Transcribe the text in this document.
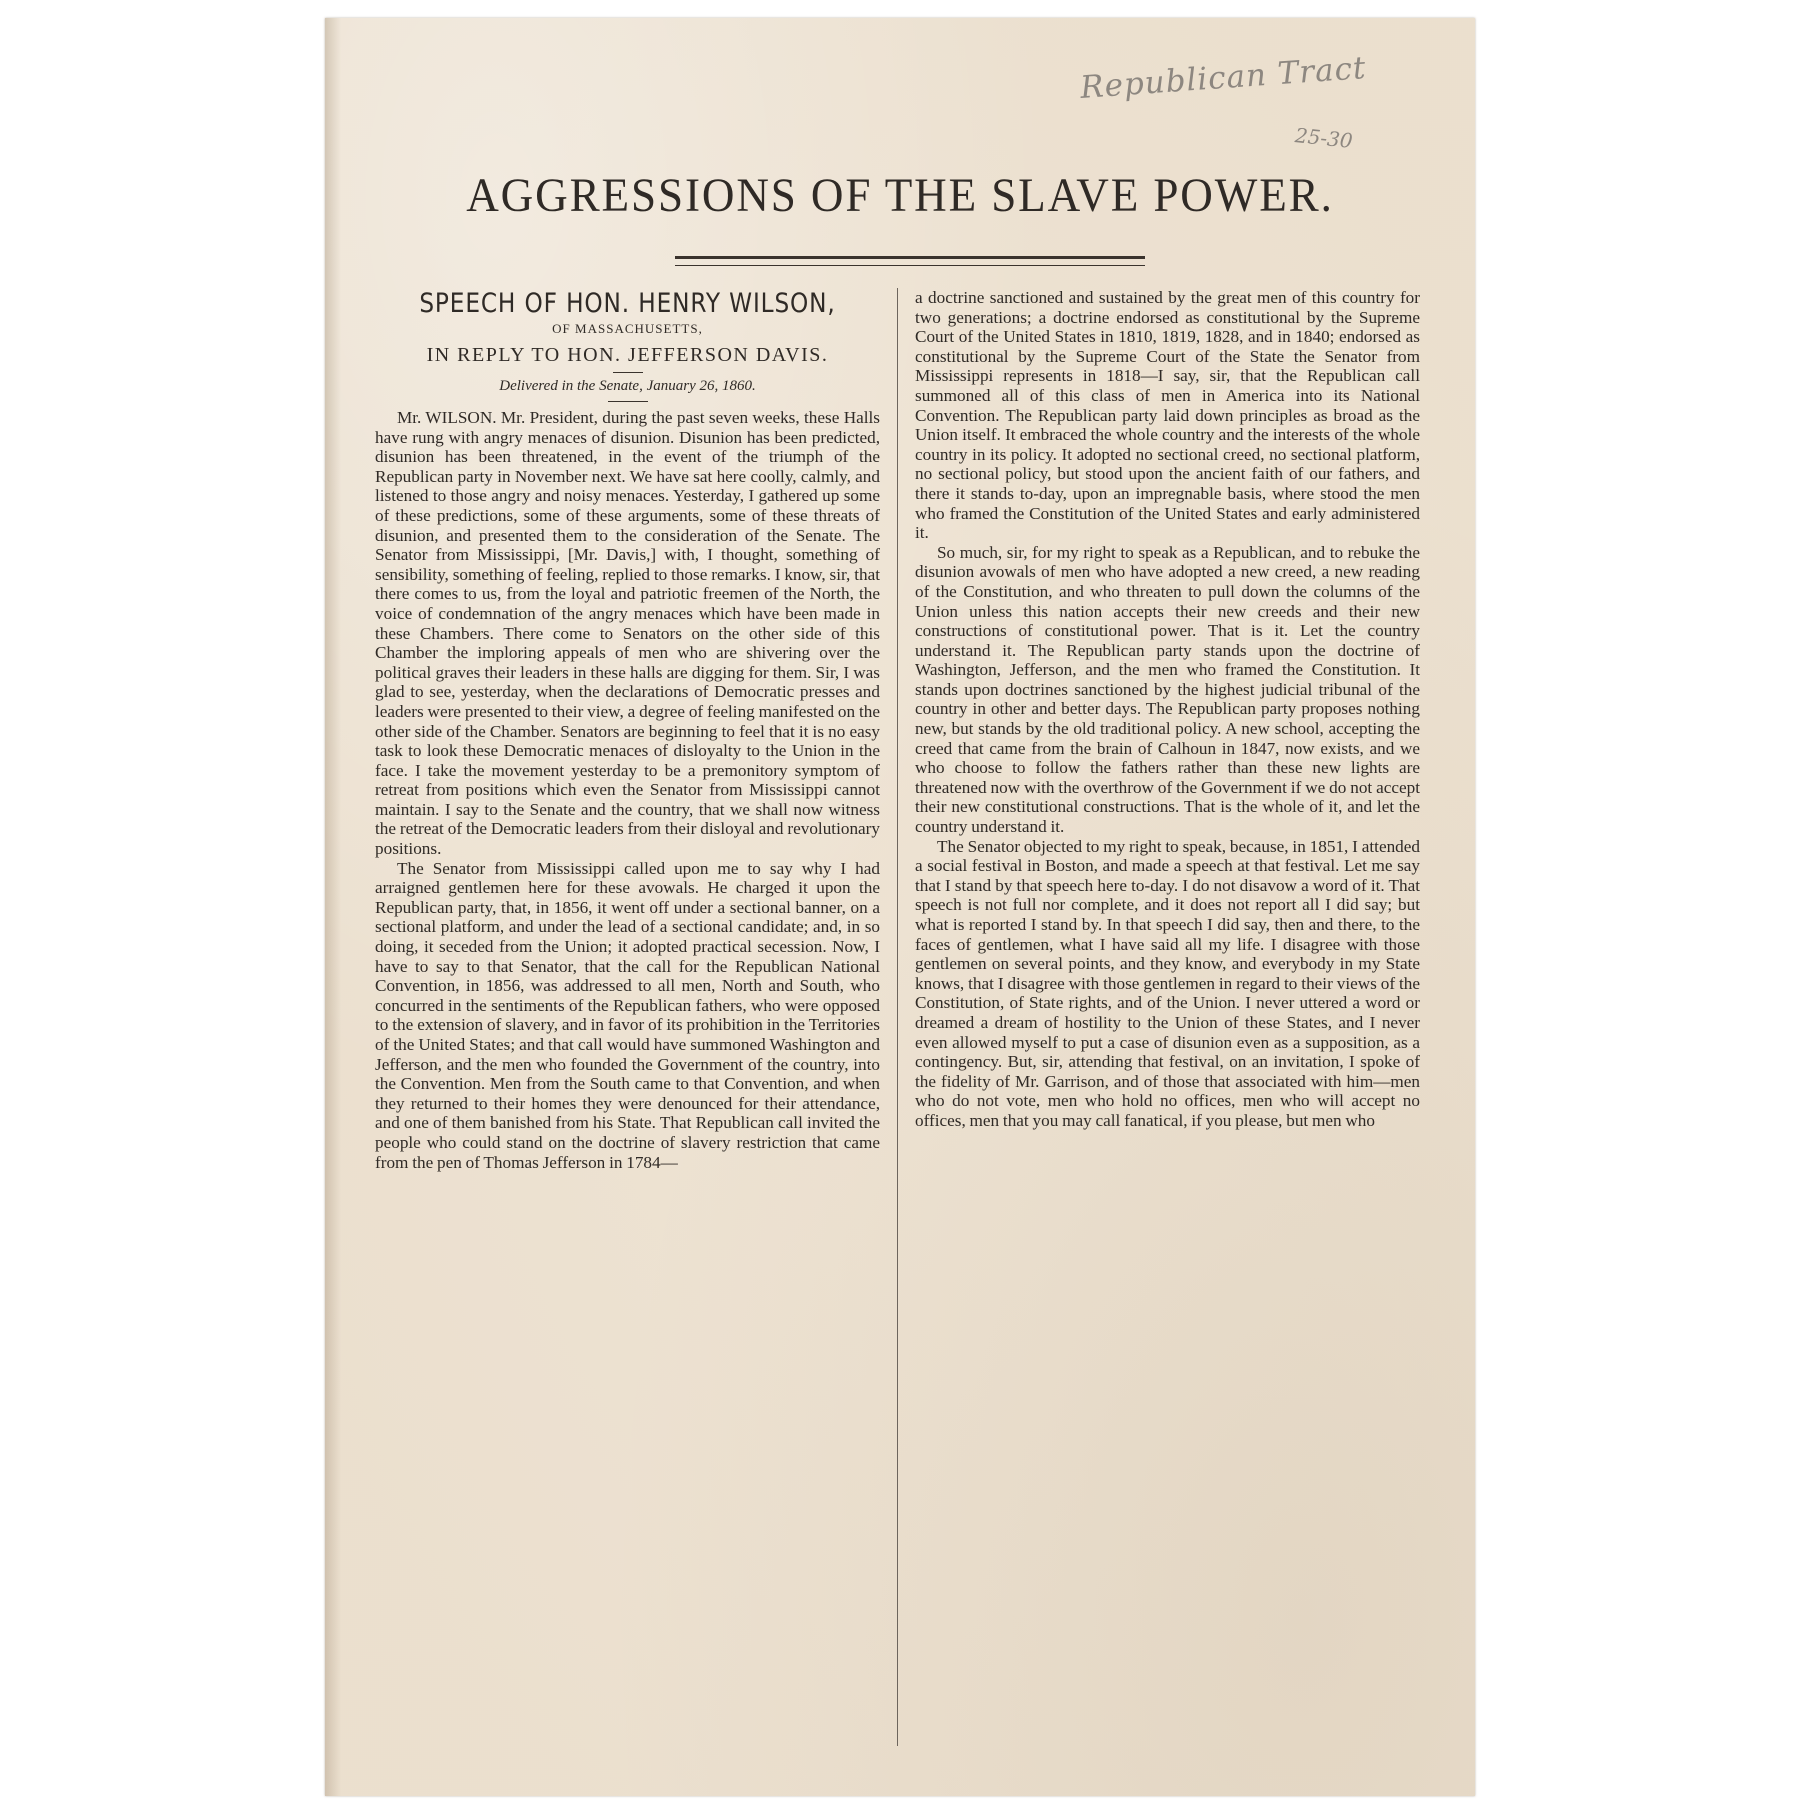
Republican Tract
25-30
AGGRESSIONS OF THE SLAVE POWER.

SPEECH OF HON. HENRY WILSON,

OF MASSACHUSETTS,

IN REPLY TO HON. JEFFERSON DAVIS.

Delivered in the Senate, January 26, 1860.

Mr. WILSON. Mr. President, during the past seven weeks, these Halls have rung with angry menaces of disunion. Disunion has been predicted, disunion has been threatened, in the event of the triumph of the Republican party in November next. We have sat here coolly, calmly, and listened to those angry and noisy menaces. Yesterday, I gathered up some of these predictions, some of these arguments, some of these threats of disunion, and presented them to the consideration of the Senate. The Senator from Mississippi, [Mr. Davis,] with, I thought, something of sensibility, something of feeling, replied to those remarks. I know, sir, that there comes to us, from the loyal and patriotic freemen of the North, the voice of condemnation of the angry menaces which have been made in these Chambers. There come to Senators on the other side of this Chamber the imploring appeals of men who are shivering over the political graves their leaders in these halls are digging for them. Sir, I was glad to see, yesterday, when the declarations of Democratic presses and leaders were presented to their view, a degree of feeling manifested on the other side of the Chamber. Senators are beginning to feel that it is no easy task to look these Democratic menaces of disloyalty to the Union in the face. I take the movement yesterday to be a premonitory symptom of retreat from positions which even the Senator from Mississippi cannot maintain. I say to the Senate and the country, that we shall now witness the retreat of the Democratic leaders from their disloyal and revolutionary positions.

The Senator from Mississippi called upon me to say why I had arraigned gentlemen here for these avowals. He charged it upon the Republican party, that, in 1856, it went off under a sectional banner, on a sectional platform, and under the lead of a sectional candidate; and, in so doing, it seceded from the Union; it adopted practical secession. Now, I have to say to that Senator, that the call for the Republican National Convention, in 1856, was addressed to all men, North and South, who concurred in the sentiments of the Republican fathers, who were opposed to the extension of slavery, and in favor of its prohibition in the Territories of the United States; and that call would have summoned Washington and Jefferson, and the men who founded the Government of the country, into the Convention. Men from the South came to that Convention, and when they returned to their homes they were denounced for their attendance, and one of them banished from his State. That Republican call invited the people who could stand on the doctrine of slavery restriction that came from the pen of Thomas Jefferson in 1784—

a doctrine sanctioned and sustained by the great men of this country for two generations; a doctrine endorsed as constitutional by the Supreme Court of the United States in 1810, 1819, 1828, and in 1840; endorsed as constitutional by the Supreme Court of the State the Senator from Mississippi represents in 1818—I say, sir, that the Republican call summoned all of this class of men in America into its National Convention. The Republican party laid down principles as broad as the Union itself. It embraced the whole country and the interests of the whole country in its policy. It adopted no sectional creed, no sectional platform, no sectional policy, but stood upon the ancient faith of our fathers, and there it stands to-day, upon an impregnable basis, where stood the men who framed the Constitution of the United States and early administered it.

So much, sir, for my right to speak as a Republican, and to rebuke the disunion avowals of men who have adopted a new creed, a new reading of the Constitution, and who threaten to pull down the columns of the Union unless this nation accepts their new creeds and their new constructions of constitutional power. That is it. Let the country understand it. The Republican party stands upon the doctrine of Washington, Jefferson, and the men who framed the Constitution. It stands upon doctrines sanctioned by the highest judicial tribunal of the country in other and better days. The Republican party proposes nothing new, but stands by the old traditional policy. A new school, accepting the creed that came from the brain of Calhoun in 1847, now exists, and we who choose to follow the fathers rather than these new lights are threatened now with the overthrow of the Government if we do not accept their new constitutional constructions. That is the whole of it, and let the country understand it.

The Senator objected to my right to speak, because, in 1851, I attended a social festival in Boston, and made a speech at that festival. Let me say that I stand by that speech here to-day. I do not disavow a word of it. That speech is not full nor complete, and it does not report all I did say; but what is reported I stand by. In that speech I did say, then and there, to the faces of gentlemen, what I have said all my life. I disagree with those gentlemen on several points, and they know, and everybody in my State knows, that I disagree with those gentlemen in regard to their views of the Constitution, of State rights, and of the Union. I never uttered a word or dreamed a dream of hostility to the Union of these States, and I never even allowed myself to put a case of disunion even as a supposition, as a contingency. But, sir, attending that festival, on an invitation, I spoke of the fidelity of Mr. Garrison, and of those that associated with him—men who do not vote, men who hold no offices, men who will accept no offices, men that you may call fanatical, if you please, but men who
